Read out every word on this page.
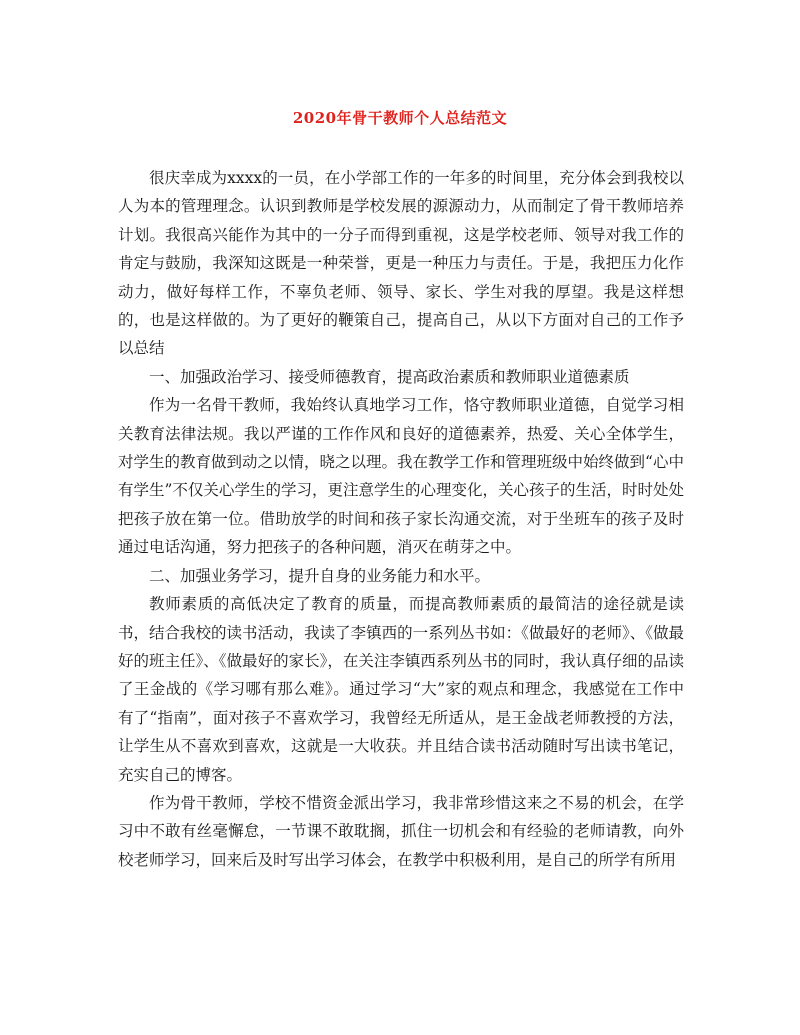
2020年骨干教师个人总结范文

很庆幸成为xxxx的一员，在小学部工作的一年多的时间里，充分体会到我校以人为本的管理理念。认识到教师是学校发展的源源动力，从而制定了骨干教师培养计划。我很高兴能作为其中的一分子而得到重视，这是学校老师、领导对我工作的肯定与鼓励，我深知这既是一种荣誉，更是一种压力与责任。于是，我把压力化作动力，做好每样工作，不辜负老师、领导、家长、学生对我的厚望。我是这样想的，也是这样做的。为了更好的鞭策自己，提高自己，从以下方面对自己的工作予以总结

一、加强政治学习、接受师德教育，提高政治素质和教师职业道德素质

作为一名骨干教师，我始终认真地学习工作，恪守教师职业道德，自觉学习相关教育法律法规。我以严谨的工作作风和良好的道德素养，热爱、关心全体学生，对学生的教育做到动之以情，晓之以理。我在教学工作和管理班级中始终做到“心中有学生”不仅关心学生的学习，更注意学生的心理变化，关心孩子的生活，时时处处把孩子放在第一位。借助放学的时间和孩子家长沟通交流，对于坐班车的孩子及时通过电话沟通，努力把孩子的各种问题，消灭在萌芽之中。

二、加强业务学习，提升自身的业务能力和水平。

教师素质的高低决定了教育的质量，而提高教师素质的最简洁的途径就是读书，结合我校的读书活动，我读了李镇西的一系列丛书如：《做最好的老师》、《做最好的班主任》、《做最好的家长》，在关注李镇西系列丛书的同时，我认真仔细的品读了王金战的《学习哪有那么难》。通过学习“大”家的观点和理念，我感觉在工作中有了“指南”，面对孩子不喜欢学习，我曾经无所适从，是王金战老师教授的方法，让学生从不喜欢到喜欢，这就是一大收获。并且结合读书活动随时写出读书笔记，充实自己的博客。

作为骨干教师，学校不惜资金派出学习，我非常珍惜这来之不易的机会，在学习中不敢有丝毫懈怠，一节课不敢耽搁，抓住一切机会和有经验的老师请教，向外校老师学习，回来后及时写出学习体会，在教学中积极利用，是自己的所学有所用
